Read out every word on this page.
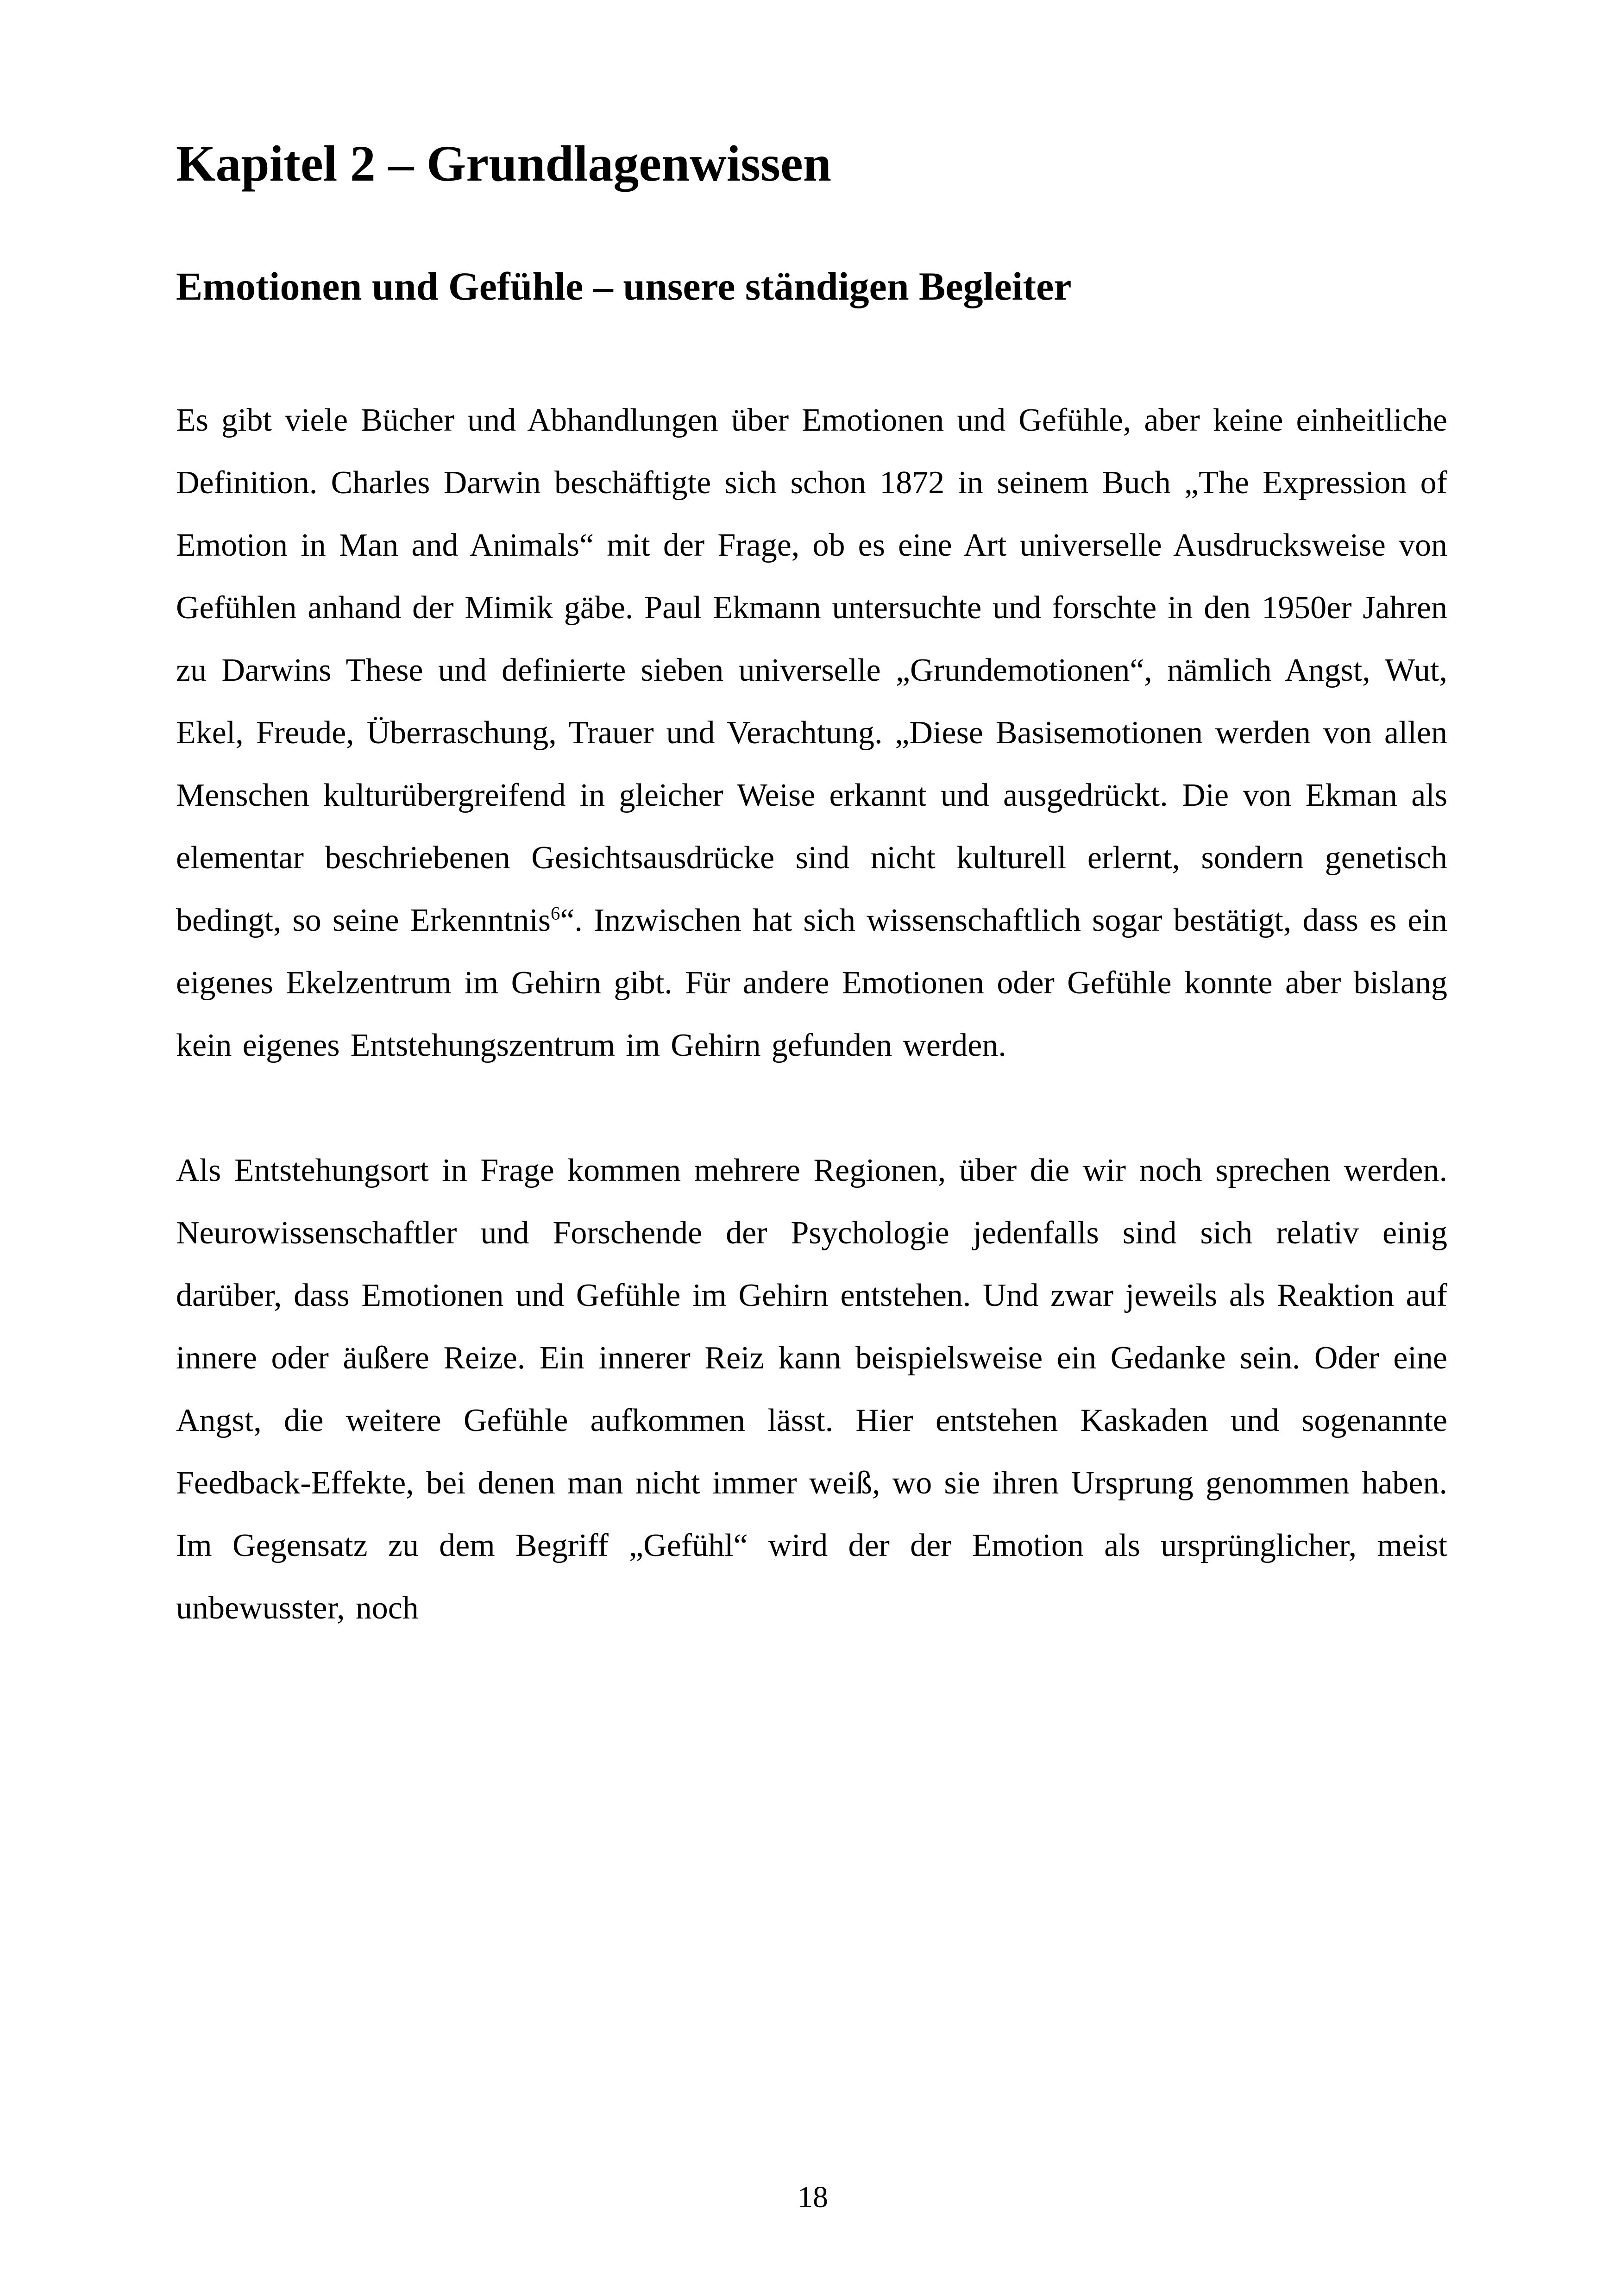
Kapitel 2 – Grundlagenwissen
Emotionen und Gefühle – unsere ständigen Begleiter

Es gibt viele Bücher und Abhandlungen über Emotionen und Gefühle, aber keine einheitliche Definition. Charles Darwin beschäftigte sich schon 1872 in seinem Buch „The Expression of Emotion in Man and Animals“ mit der Frage, ob es eine Art universelle Ausdrucksweise von Gefühlen anhand der Mimik gäbe. Paul Ekmann untersuchte und forschte in den 1950er Jahren zu Darwins These und definierte sieben universelle „Grundemotionen“, nämlich Angst, Wut, Ekel, Freude, Überraschung, Trauer und Verachtung. „Diese Basisemotionen werden von allen Menschen kulturübergreifend in gleicher Weise erkannt und ausgedrückt. Die von Ekman als elementar beschriebenen Gesichtsausdrücke sind nicht kulturell erlernt, sondern genetisch bedingt, so seine Erkenntnis$^6$“. Inzwischen hat sich wissenschaftlich sogar bestätigt, dass es ein eigenes Ekelzentrum im Gehirn gibt. Für andere Emotionen oder Gefühle konnte aber bislang kein eigenes Entstehungszentrum im Gehirn gefunden werden.

Als Entstehungsort in Frage kommen mehrere Regionen, über die wir noch sprechen werden. Neurowissenschaftler und Forschende der Psychologie jedenfalls sind sich relativ einig darüber, dass Emotionen und Gefühle im Gehirn entstehen. Und zwar jeweils als Reaktion auf innere oder äußere Reize. Ein innerer Reiz kann beispielsweise ein Gedanke sein. Oder eine Angst, die weitere Gefühle aufkommen lässt. Hier entstehen Kaskaden und sogenannte Feedback-Effekte, bei denen man nicht immer weiß, wo sie ihren Ursprung genommen haben. Im Gegensatz zu dem Begriff „Gefühl“ wird der der Emotion als ursprünglicher, meist unbewusster, noch

18
